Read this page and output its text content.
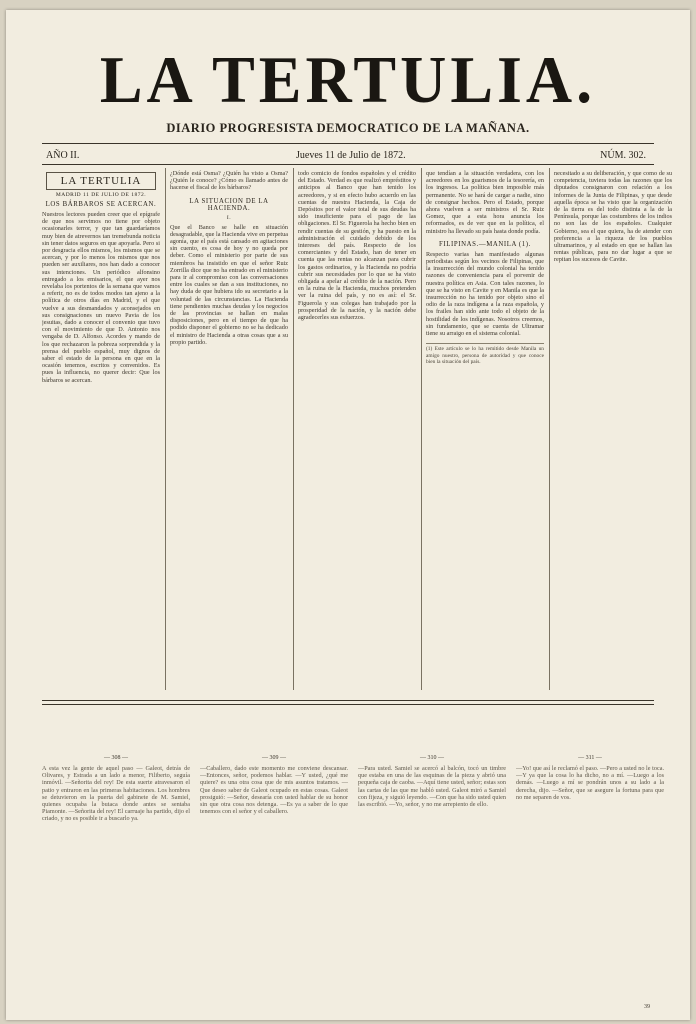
LA TERTULIA.
DIARIO PROGRESISTA DEMOCRATICO DE LA MAÑANA.
AÑO II.	Jueves 11 de Julio de 1872.	NÚM. 302.
LA TERTULIA
MADRID 11 DE JULIO DE 1872.
LOS BÁRBAROS SE ACERCAN.

Nuestros lectores pueden creer que el epígrafe de que nos servimos no tiene por objeto ocasionarles terror, y que tan guardaríamos muy bien de atrevernos tan tremebunda noticia sin tener datos seguros en que apoyarla. Pero si por desgracia ellos mismos, los mismos que se acercan, y por lo menos los mismos que nos pueden ser auxiliares, nos han dado a conocer sus intenciones. Un periódico alfonsino entregado a los emisarios, el que ayer nos revelaba los portentos de la semana que vamos a referir, no es de todos modos tan ajeno a la política de otros días en Madrid, y el que vuelve a sus desmandados y aconsejados en sus consignaciones un nuevo Pavia de los jesuitas, dado a conocer el convenio que tuvo con el movimiento de que D. Antonio nos vengaba de D. Alfonso. Acordes y mando de los que rechazaron la pobreza sorprendida y la prensa del pueblo español, muy dignos de saber el estado de la persona en que en la ocasión tenemos, escritos y convenidos. Es pues la influencia, no querer decir: Que los bárbaros se acercan.

¿Dónde está Osma? ¿Quién ha visto a Osma? ¿Quién le conoce? ¿Cómo es llamado antes de hacerse el fiscal de los bárbaros?

LA SITUACION DE LA HACIENDA.
I.

Que el Banco se halle en situación desagradable, que la Hacienda vive en perpetua agonía, que el país está cansado en agitaciones sin cuento, es cosa de hoy y no queda por deber. Como el ministerio por parte de sus miembros ha insistido en que el señor Ruiz Zorrilla dice que no ha entrado en el ministerio para ir al compromiso con las conversaciones entre los cuales se dan a sus instituciones, no hay duda de que hubiera ido su secretario a la voluntad de las circunstancias. La Hacienda tiene pendientes muchas deudas y los negocios de las provincias se hallan en malas disposiciones, pero en el tiempo de que ha podido disponer el gobierno no se ha dedicado el ministro de Hacienda a otras cosas que a su propio partido.

todo comicio de fondos españoles y el crédito del Estado. Verdad es que realizó empréstitos y anticipos al Banco que han tenido los acreedores, y si en efecto hubo acuerdo en las cuentas de nuestra Hacienda, la Caja de Depósitos por el valor total de sus deudas ha sido insuficiente para el pago de las obligaciones. El Sr. Figuerola ha hecho bien en rendir cuentas de su gestión, y ha puesto en la administración el cuidado debido de los intereses del país. Respecto de los comerciantes y del Estado, han de tener en cuenta que las rentas no alcanzan para cubrir los gastos ordinarios, y la Hacienda no podría cubrir sus necesidades por lo que se ha visto obligada a apelar al crédito de la nación. Pero en la ruina de la Hacienda, muchos pretenden ver la ruina del país, y no es así: el Sr. Figuerola y sus colegas han trabajado por la prosperidad de la nación, y la nación debe agradecerles sus esfuerzos.

que tendían a la situación verdadera, con los acreedores en los guarismos de la tesorería, en los ingresos. La política bien imposible más permanente. No se hará de cargar a nadie, sino de consignar hechos. Pero el Estado, porque ahora vuelven a ser ministros el Sr. Ruiz Gomez, que a esta hora anuncia los reformados, es de ver que en la política, el ministro ha llevado su país hasta donde podía.

FILIPINAS.—MANILA (1).

Respecto varias han manifestado algunas periodistas según los vecinos de Filipinas, que la insurrección del mundo colonial ha tenido razones de conveniencia para el porvenir de nuestra política en Asia. Con tales razones, lo que se ha visto en Cavite y en Manila es que la insurrección no ha tenido por objeto sino el odio de la raza indígena a la raza española, y los frailes han sido ante todo el objeto de la hostilidad de los indígenas. Nosotros creemos, sin fundamento, que se cuenta de Ultramar tiene su arraigo en el sistema colonial.

(1) Este artículo se lo ha remitido desde Manila un amigo nuestro, persona de autoridad y que conoce bien la situación del país.

necesitado a su deliberación, y que como de su competencia, tuviera todas las razones que los diputados consignaron con relación a los informes de la Junta de Filipinas, y que desde aquella época se ha visto que la organización de la tierra es del todo distinta a la de la Península, porque las costumbres de los indios no son las de los españoles. Cualquier Gobierno, sea el que quiera, ha de atender con preferencia a la riqueza de los pueblos ultramarinos, y al estado en que se hallan las rentas públicas, para no dar lugar a que se repitan los sucesos de Cavite.

— 308 —

A esta vez la gente de aquel paso — Galeot, detrás de Olivares, y Estrada a un lado a menor, Filiberto, seguía inmóvil. —Señorita del rey! De esta suerte atravesaron el patio y entraron en las primeras habitaciones. Los hombres se detuvieron en la puerta del gabinete de M. Samiel, quienes ocupaba la butaca donde antes se sentaba Piamonte. —Señorita del rey! El carruaje ha partido, dijo el criado, y no es posible ir a buscarlo ya.

— 309 —

—Caballero, dado este momento me conviene descansar. —Entonces, señor, podemos hablar. —Y usted, ¿qué me quiere? es una otra cosa que de mis asuntos tratamos. —Que deseo saber de Galeot ocupado en estas cosas. Galeot prosiguió: —Señor, desearía con usted hablar de su honor sin que otra cosa nos detenga. —Es ya a saber de lo que tenemos con el señor y el caballero.

— 310 —

—Para usted. Samiel se acercó al balcón, tocó un timbre que estaba en una de las esquinas de la pieza y abrió una pequeña caja de caoba. —Aquí tiene usted, señor; estas son las cartas de las que me habló usted. Galeot miró a Samiel con fijeza, y siguió leyendo. —Con que ha sido usted quien las escribió. —Yo, señor, y no me arrepiento de ello.

— 311 —

—Yo! que así le reclamó el paso. —Pero a usted no le toca. —Y ya que la cosa lo ha dicho, no a mí. —Luego a los demás. —Luego a mí se pondrán unos a su lado a la derecha, dijo. —Señor, que se asegure la fortuna para que no me separen de vos.

39
